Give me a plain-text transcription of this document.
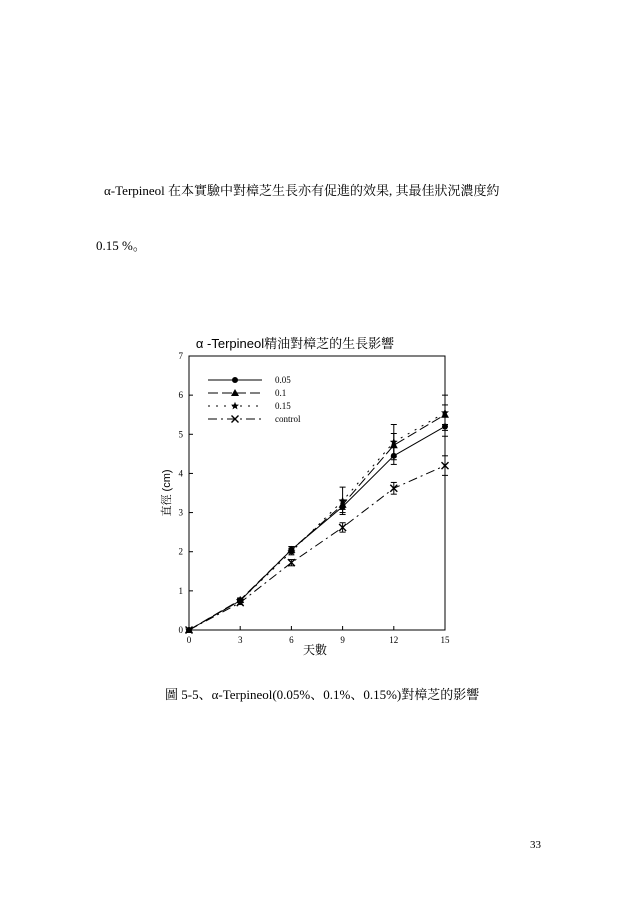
α-Terpineol 在本實驗中對樟芝生長亦有促進的效果, 其最佳狀況濃度約
0.15 %。
α -Terpineol精油對樟芝的生長影響
0
1
2
3
4
5
6
7
0	3	6	9	12	15
天數
直徑 (cm)
0.05
0.1
0.15
control
圖 5-5、α-Terpineol(0.05%、0.1%、0.15%)對樟芝的影響
33
